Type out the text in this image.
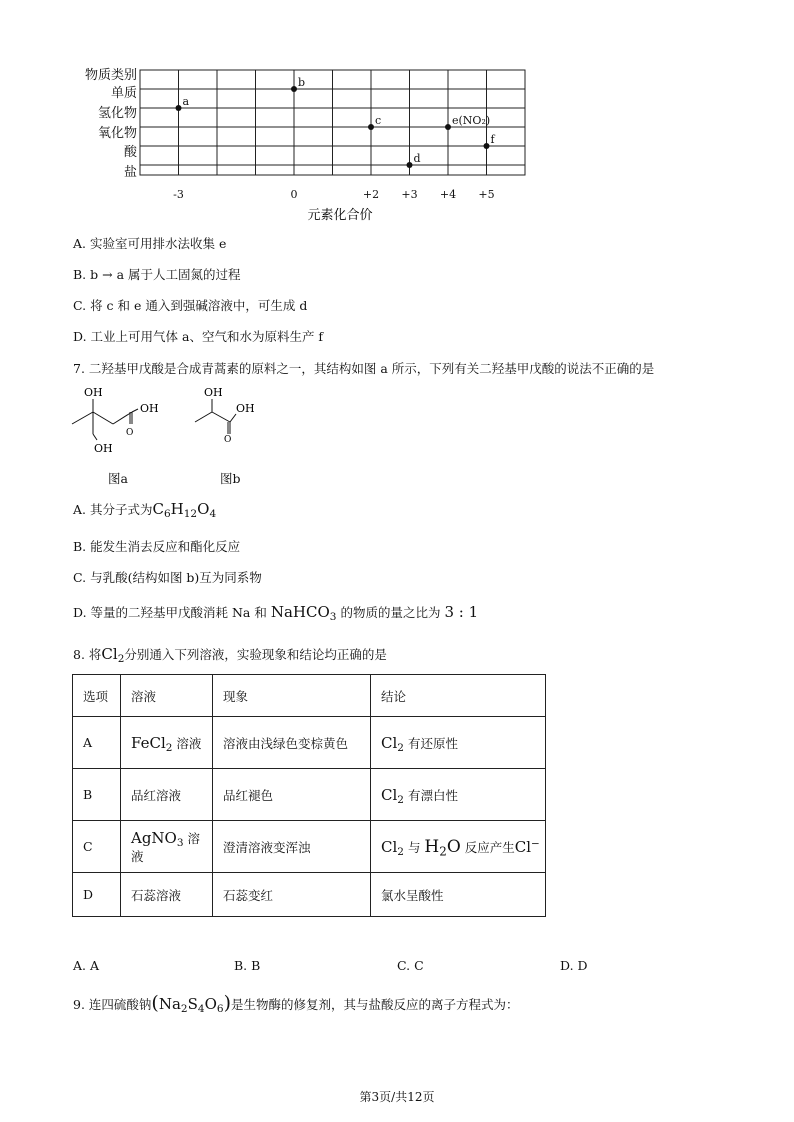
物质类别
单质
氢化物
氧化物
酸
盐
-3	0	+2 +3 +4 +5
a
b
c
d
e(NO₂)
f
元素化合价
A. 实验室可用排水法收集 e
B. b → a 属于人工固氮的过程
C. 将 c 和 e 通入到强碱溶液中，可生成 d
D. 工业上可用气体 a、空气和水为原料生产 f
7. 二羟基甲戊酸是合成青蒿素的原料之一，其结构如图 a 所示，下列有关二羟基甲戊酸的说法不正确的是
OH
OH
OH
O
图a
OH
OH
O
图b
A. 其分子式为$C_6H_{12}O_4$
B. 能发生消去反应和酯化反应
C. 与乳酸(结构如图 b)互为同系物
D. 等量的二羟基甲戊酸消耗 Na 和 NaHCO$_3$ 的物质的量之比为 3 : 1
8. 将$Cl_2$分别通入下列溶液，实验现象和结论均正确的是
选项	溶液	现象	结论
A	FeCl$_2$ 溶液	溶液由浅绿色变棕黄色	$Cl_2$ 有还原性
B	品红溶液	品红褪色	$Cl_2$ 有漂白性
C	AgNO$_3$ 溶液	澄清溶液变浑浊	$Cl_2$ 与 $H_2O$ 反应产生Cl−
D	石蕊溶液	石蕊变红	氯水呈酸性
A. A	B. B	C. C	D. D
9. 连四硫酸钠$(Na_2S_4O_6)$是生物酶的修复剂，其与盐酸反应的离子方程式为：
第3页/共12页
